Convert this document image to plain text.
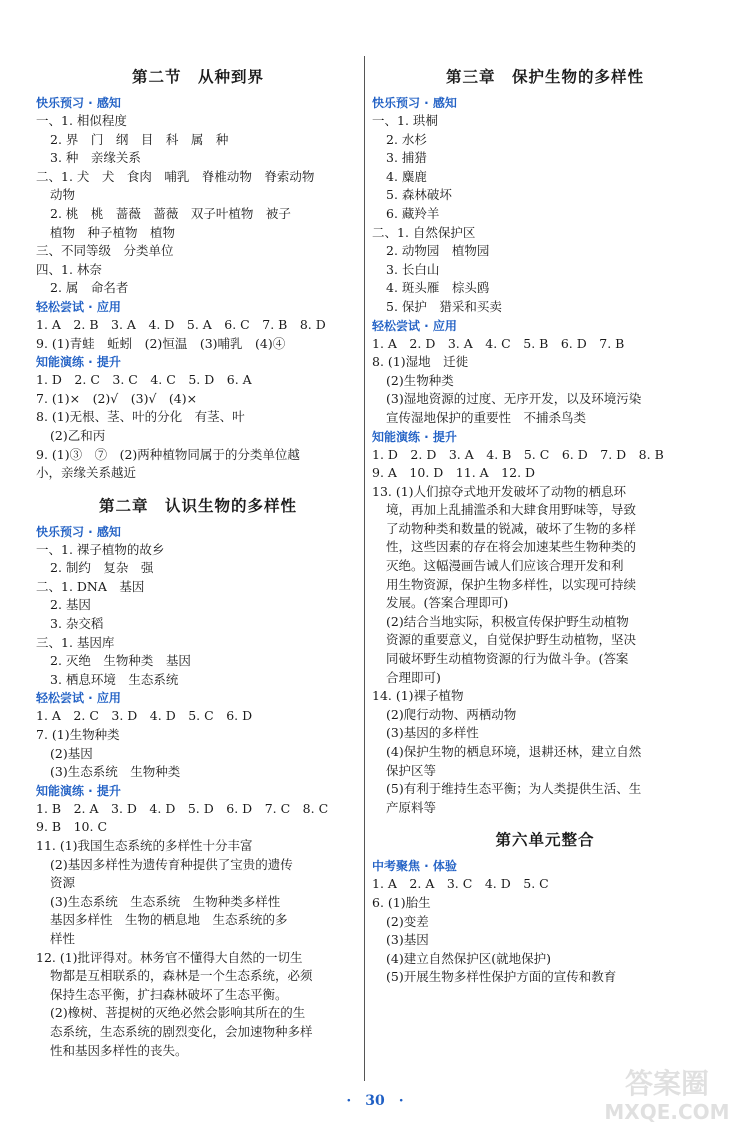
第二节　从种到界
快乐预习 · 感知
一、1. 相似程度
2. 界　门　纲　目　科　属　种
3. 种　亲缘关系
二、1. 犬　犬　食肉　哺乳　脊椎动物　脊索动物
动物
2. 桃　桃　蔷薇　蔷薇　双子叶植物　被子
植物　种子植物　植物
三、不同等级　分类单位
四、1. 林奈
2. 属　命名者
轻松尝试 · 应用
1. A　2. B　3. A　4. D　5. A　6. C　7. B　8. D
9. (1)青蛙　蚯蚓　(2)恒温　(3)哺乳　(4)④
知能演练 · 提升
1. D　2. C　3. C　4. C　5. D　6. A
7. (1)×　(2)√　(3)√　(4)×
8. (1)无根、茎、叶的分化　有茎、叶
(2)乙和丙
9. (1)③　⑦　(2)两种植物同属于的分类单位越
小，亲缘关系越近
第二章　认识生物的多样性
快乐预习 · 感知
一、1. 裸子植物的故乡
2. 制约　复杂　强
二、1. DNA　基因
2. 基因
3. 杂交稻
三、1. 基因库
2. 灭绝　生物种类　基因
3. 栖息环境　生态系统
轻松尝试 · 应用
1. A　2. C　3. D　4. D　5. C　6. D
7. (1)生物种类
(2)基因
(3)生态系统　生物种类
知能演练 · 提升
1. B　2. A　3. D　4. D　5. D　6. D　7. C　8. C
9. B　10. C
11. (1)我国生态系统的多样性十分丰富
(2)基因多样性为遗传育种提供了宝贵的遗传
资源
(3)生态系统　生态系统　生物种类多样性
基因多样性　生物的栖息地　生态系统的多
样性
12. (1)批评得对。林务官不懂得大自然的一切生
物都是互相联系的，森林是一个生态系统，必须
保持生态平衡，扩扫森林破坏了生态平衡。
(2)橡树、菩提树的灭绝必然会影响其所在的生
态系统，生态系统的剧烈变化，会加速物种多样
性和基因多样性的丧失。
第三章　保护生物的多样性
快乐预习 · 感知
一、1. 珙桐
2. 水杉
3. 捕猎
4. 麋鹿
5. 森林破坏
6. 藏羚羊
二、1. 自然保护区
2. 动物园　植物园
3. 长白山
4. 斑头雁　棕头鸥
5. 保护　猎采和买卖
轻松尝试 · 应用
1. A　2. D　3. A　4. C　5. B　6. D　7. B
8. (1)湿地　迁徙
(2)生物种类
(3)湿地资源的过度、无序开发，以及环境污染
宣传湿地保护的重要性　不捕杀鸟类
知能演练 · 提升
1. D　2. D　3. A　4. B　5. C　6. D　7. D　8. B
9. A　10. D　11. A　12. D
13. (1)人们掠夺式地开发破坏了动物的栖息环
境，再加上乱捕滥杀和大肆食用野味等，导致
了动物种类和数量的锐减，破坏了生物的多样
性，这些因素的存在将会加速某些生物种类的
灭绝。这幅漫画告诫人们应该合理开发和利
用生物资源，保护生物多样性，以实现可持续
发展。(答案合理即可)
(2)结合当地实际，积极宣传保护野生动植物
资源的重要意义，自觉保护野生动植物，坚决
同破坏野生动植物资源的行为做斗争。(答案
合理即可)
14. (1)裸子植物
(2)爬行动物、两栖动物
(3)基因的多样性
(4)保护生物的栖息环境，退耕还林，建立自然
保护区等
(5)有利于维持生态平衡；为人类提供生活、生
产原料等
第六单元整合
中考聚焦 · 体验
1. A　2. A　3. C　4. D　5. C
6. (1)胎生
(2)变差
(3)基因
(4)建立自然保护区(就地保护)
(5)开展生物多样性保护方面的宣传和教育
·　30　·
答案圈
MXQE.COM
